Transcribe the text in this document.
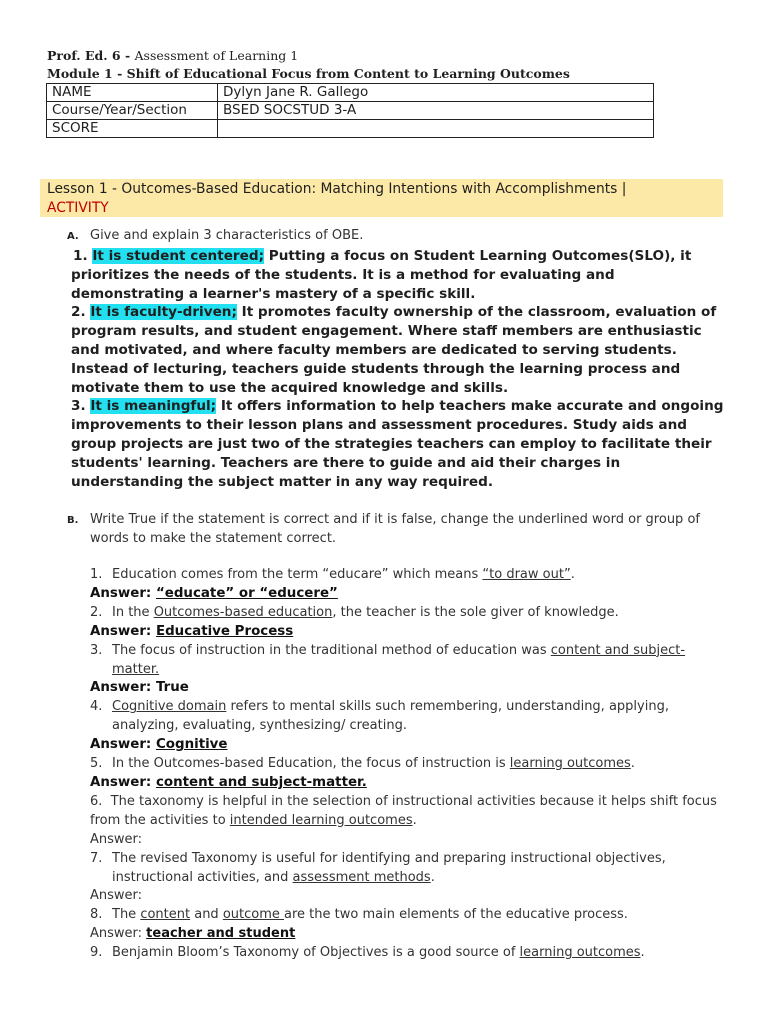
Prof. Ed. 6 - Assessment of Learning 1
Module 1 - Shift of Educational Focus from Content to Learning Outcomes
NAME	Dylyn Jane R. Gallego
Course/Year/Section	BSED SOCSTUD 3-A
SCORE	
Lesson 1 - Outcomes-Based Education: Matching Intentions with Accomplishments |
ACTIVITY
A. Give and explain 3 characteristics of OBE.

1. It is student centered; Putting a focus on Student Learning Outcomes(SLO), it prioritizes the needs of the students. It is a method for evaluating and demonstrating a learner's mastery of a specific skill.

2. It is faculty-driven; It promotes faculty ownership of the classroom, evaluation of program results, and student engagement. Where staff members are enthusiastic and motivated, and where faculty members are dedicated to serving students. Instead of lecturing, teachers guide students through the learning process and motivate them to use the acquired knowledge and skills.

3. It is meaningful; It offers information to help teachers make accurate and ongoing improvements to their lesson plans and assessment procedures. Study aids and group projects are just two of the strategies teachers can employ to facilitate their students' learning. Teachers are there to guide and aid their charges in understanding the subject matter in any way required.

B. Write True if the statement is correct and if it is false, change the underlined word or group of words to make the statement correct.
1. Education comes from the term “educare” which means “to draw out”.
Answer: “educate” or “educere”
2. In the Outcomes-based education, the teacher is the sole giver of knowledge.
Answer: Educative Process
3. The focus of instruction in the traditional method of education was content and subject-matter.
Answer: True
4. Cognitive domain refers to mental skills such remembering, understanding, applying, analyzing, evaluating, synthesizing/ creating.
Answer: Cognitive
5. In the Outcomes-based Education, the focus of instruction is learning outcomes.
Answer: content and subject-matter.
6. The taxonomy is helpful in the selection of instructional activities because it helps shift focus from the activities to intended learning outcomes.
Answer:
7. The revised Taxonomy is useful for identifying and preparing instructional objectives, instructional activities, and assessment methods.
Answer:
8. The content and outcome are the two main elements of the educative process.
Answer: teacher and student
9. Benjamin Bloom’s Taxonomy of Objectives is a good source of learning outcomes.
